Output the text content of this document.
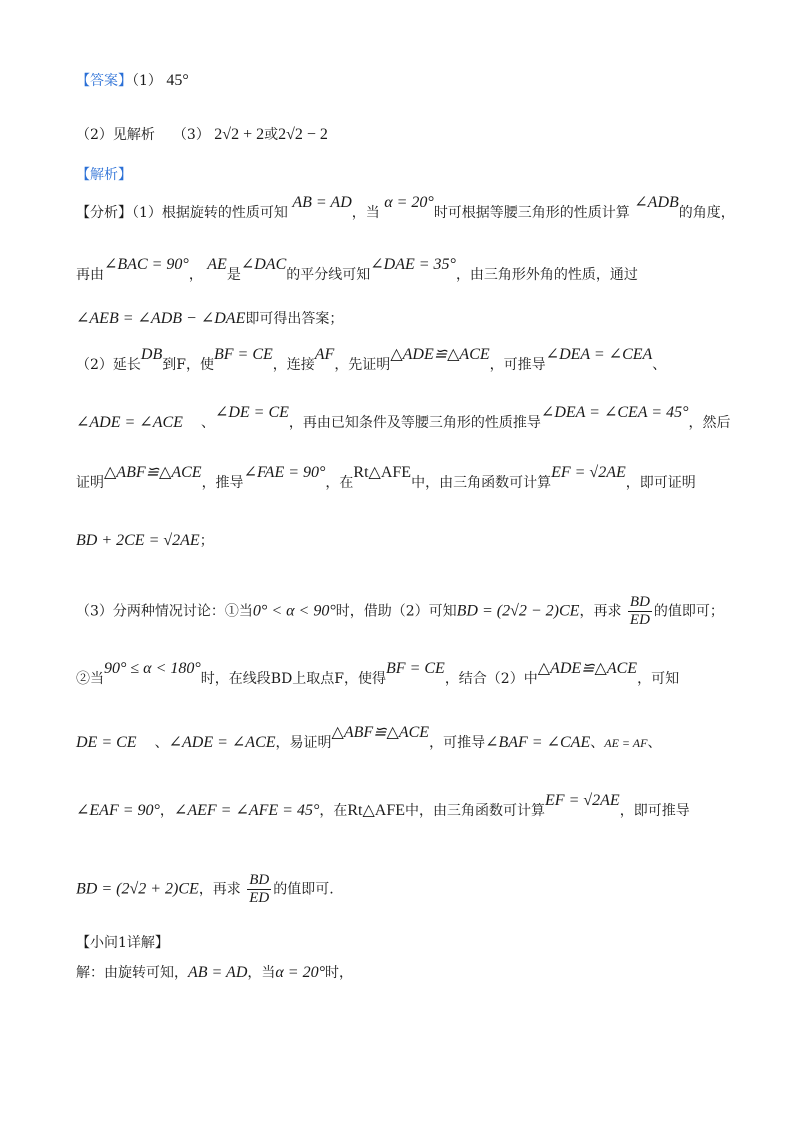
【答案】（1） 45°
（2）见解析 （3） 2√2 + 2或2√2 − 2
【解析】
【分析】（1）根据旋转的性质可知 AB = AD，当 α = 20°时可根据等腰三角形的性质计算 ∠ADB的角度，
再由∠BAC = 90°， AE是∠DAC的平分线可知∠DAE = 35°，由三角形外角的性质，通过
∠AEB = ∠ADB − ∠DAE即可得出答案；
（2）延长DB到F，使BF = CE，连接AF，先证明△ADE≌△ACE，可推导∠DEA = ∠CEA、
∠ADE = ∠ACE 、∠DE = CE，再由已知条件及等腰三角形的性质推导∠DEA = ∠CEA = 45°，然后
证明△ABF≌△ACE，推导∠FAE = 90°，在Rt△AFE中，由三角函数可计算EF = √2AE，即可证明
BD + 2CE = √2AE；
（3）分两种情况讨论：①当0° < α < 90°时，借助（2）可知BD = (2√2 − 2)CE，再求 $\frac{BD}{ED}$ 的值即可；
②当90° ≤ α < 180°时，在线段BD上取点F，使得BF = CE，结合（2）中△ADE≌△ACE，可知
DE = CE 、∠ADE = ∠ACE，易证明△ABF≌△ACE，可推导∠BAF = ∠CAE、AE = AF、
∠EAF = 90°，∠AEF = ∠AFE = 45°，在Rt△AFE中，由三角函数可计算EF = √2AE，即可推导
BD = (2√2 + 2)CE，再求 $\frac{BD}{ED}$ 的值即可.
【小问1详解】
解：由旋转可知，AB = AD，当α = 20°时，
